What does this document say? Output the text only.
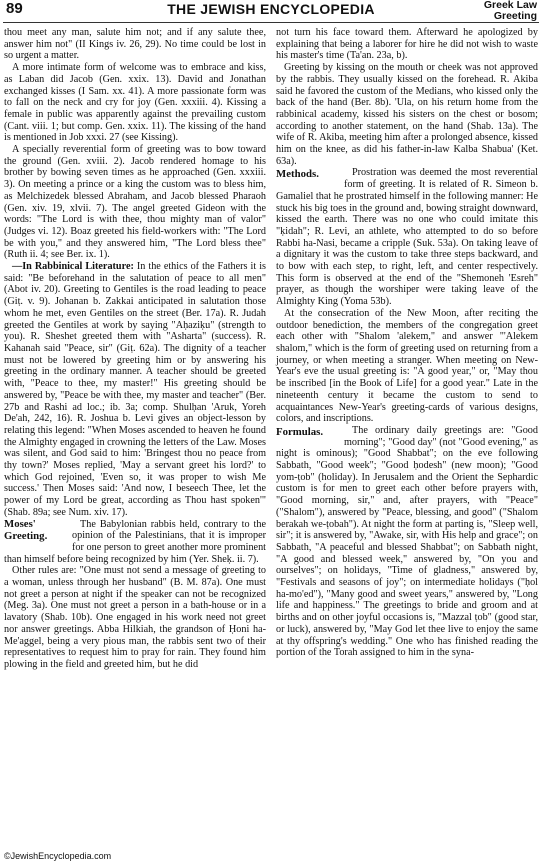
89	THE JEWISH ENCYCLOPEDIA	Greek Law
Greeting

thou meet any man, salute him not; and if any salute thee, answer him not" (II Kings iv. 26, 29). No time could be lost in so urgent a matter.

A more intimate form of welcome was to embrace and kiss, as Laban did Jacob (Gen. xxix. 13). David and Jonathan exchanged kisses (I Sam. xx. 41). A more passionate form was to fall on the neck and cry for joy (Gen. xxxiii. 4). Kissing a female in public was apparently against the prevailing custom (Cant. viii. 1; but comp. Gen. xxix. 11). The kissing of the hand is mentioned in Job xxxi. 27 (see Kissing).

A specially reverential form of greeting was to bow toward the ground (Gen. xviii. 2). Jacob rendered homage to his brother by bowing seven times as he approached (Gen. xxxiii. 3). On meeting a prince or a king the custom was to bless him, as Melchizedek blessed Abraham, and Jacob blessed Pharaoh (Gen. xiv. 19, xlvii. 7). The angel greeted Gideon with the words: "The Lord is with thee, thou mighty man of valor" (Judges vi. 12). Boaz greeted his field-workers with: "The Lord be with you," and they answered him, "The Lord bless thee" (Ruth ii. 4; see Ber. ix. 1).

—In Rabbinical Literature: In the ethics of the Fathers it is said: "Be beforehand in the salutation of peace to all men" (Abot iv. 20). Greeting to Gentiles is the road leading to peace (Giṭ. v. 9). Johanan b. Zakkai anticipated in salutation those whom he met, even Gentiles on the street (Ber. 17a). R. Judah greeted the Gentiles at work by saying "Aḥaziḳu" (strength to you). R. Sheshet greeted them with "Asharta" (success). R. Kahanah said "Peace, sir" (Giṭ. 62a). The dignity of a teacher must not be lowered by greeting him or by answering his greeting in the ordinary manner. A teacher should be greeted with, "Peace to thee, my master!" His greeting should be answered by, "Peace be with thee, my master and teacher" (Ber. 27b and Rashi ad loc.; ib. 3a; comp. Shulḥan 'Aruk, Yoreh De'ah, 242, 16). R. Joshua b. Levi gives an object-lesson by relating this legend: "When Moses ascended to heaven he found the Almighty engaged in crowning the letters of the Law. Moses was silent, and God said to him: 'Bringest thou no peace from thy town?' Moses replied, 'May a servant greet his lord?' to which God rejoined, 'Even so, it was proper to wish Me success.' Then Moses said: 'And now, I beseech Thee, let the power of my Lord be great, according as Thou hast spoken'" (Shab. 89a; see Num. xiv. 17).

Moses'
Greeting.

The Babylonian rabbis held, contrary to the opinion of the Palestinians, that it is improper for one person to greet another more prominent than himself before being recognized by him (Yer. Sheḳ. ii. 7).

Other rules are: "One must not send a message of greeting to a woman, unless through her husband" (B. M. 87a). One must not greet a person at night if the speaker can not be recognized (Meg. 3a). One must not greet a person in a bath-house or in a lavatory (Shab. 10b). One engaged in his work need not greet nor answer greetings. Abba Hilkiah, the grandson of Ḥoni ha-Me'aggel, being a very pious man, the rabbis sent two of their representatives to request him to pray for rain. They found him plowing in the field and greeted him, but he did

not turn his face toward them. Afterward he apologized by explaining that being a laborer for hire he did not wish to waste his master's time (Ta'an. 23a, b).

Greeting by kissing on the mouth or cheek was not approved by the rabbis. They usually kissed on the forehead. R. Akiba said he favored the custom of the Medians, who kissed only the back of the hand (Ber. 8b). 'Ula, on his return home from the rabbinical academy, kissed his sisters on the chest or bosom; according to another statement, on the hand (Shab. 13a). The wife of R. Akiba, meeting him after a prolonged absence, kissed him on the knee, as did his father-in-law Kalba Shabua' (Ket. 63a).

Methods.	Prostration was deemed the most reverential form of greeting. It is related of R. Simeon b. Gamaliel that he prostrated himself in the following manner: He stuck his big toes in the ground and, bowing straight downward, kissed the earth. There was no one who could imitate this "ḳidah"; R. Levi, an athlete, who attempted to do so before Rabbi ha-Nasi, became a cripple (Suk. 53a). On taking leave of a dignitary it was the custom to take three steps backward, and to bow with each step, to right, left, and center respectively. This form is observed at the end of the "Shemoneh 'Esreh" prayer, as though the worshiper were taking leave of the Almighty King (Yoma 53b).

At the consecration of the New Moon, after reciting the outdoor benediction, the members of the congregation greet each other with "Shalom 'alekem," and answer "'Alekem shalom," which is the form of greeting used on returning from a journey, or when meeting a stranger. When meeting on New-Year's eve the usual greeting is: "A good year," or, "May thou be inscribed [in the Book of Life] for a good year." Late in the nineteenth century it became the custom to send to acquaintances New-Year's greeting-cards of various designs, colors, and inscriptions.

Formulas.	The ordinary daily greetings are: "Good morning"; "Good day" (not "Good evening," as night is ominous); "Good Shabbat"; on the eve following Sabbath, "Good week"; "Good ḥodesh" (new moon); "Good yom-ṭob" (holiday). In Jerusalem and the Orient the Sephardic custom is for men to greet each other before prayers with, "Good morning, sir," and, after prayers, with "Peace" ("Shalom"), answered by "Peace, blessing, and good" ("Shalom berakah we-ṭobah"). At night the form at parting is, "Sleep well, sir"; it is answered by, "Awake, sir, with His help and grace"; on Sabbath, "A peaceful and blessed Shabbat"; on Sabbath night, "A good and blessed week," answered by, "On you and ourselves"; on holidays, "Time of gladness," answered by, "Festivals and seasons of joy"; on intermediate holidays ("ḥol ha-mo'ed"), "Many good and sweet years," answered by, "Long life and happiness." The greetings to bride and groom and at births and on other joyful occasions is, "Mazzal ṭob" (good star, or luck), answered by, "May God let thee live to enjoy the same at thy offspring's wedding." One who has finished reading the portion of the Torah assigned to him in the syna-

©JewishEncyclopedia.com
